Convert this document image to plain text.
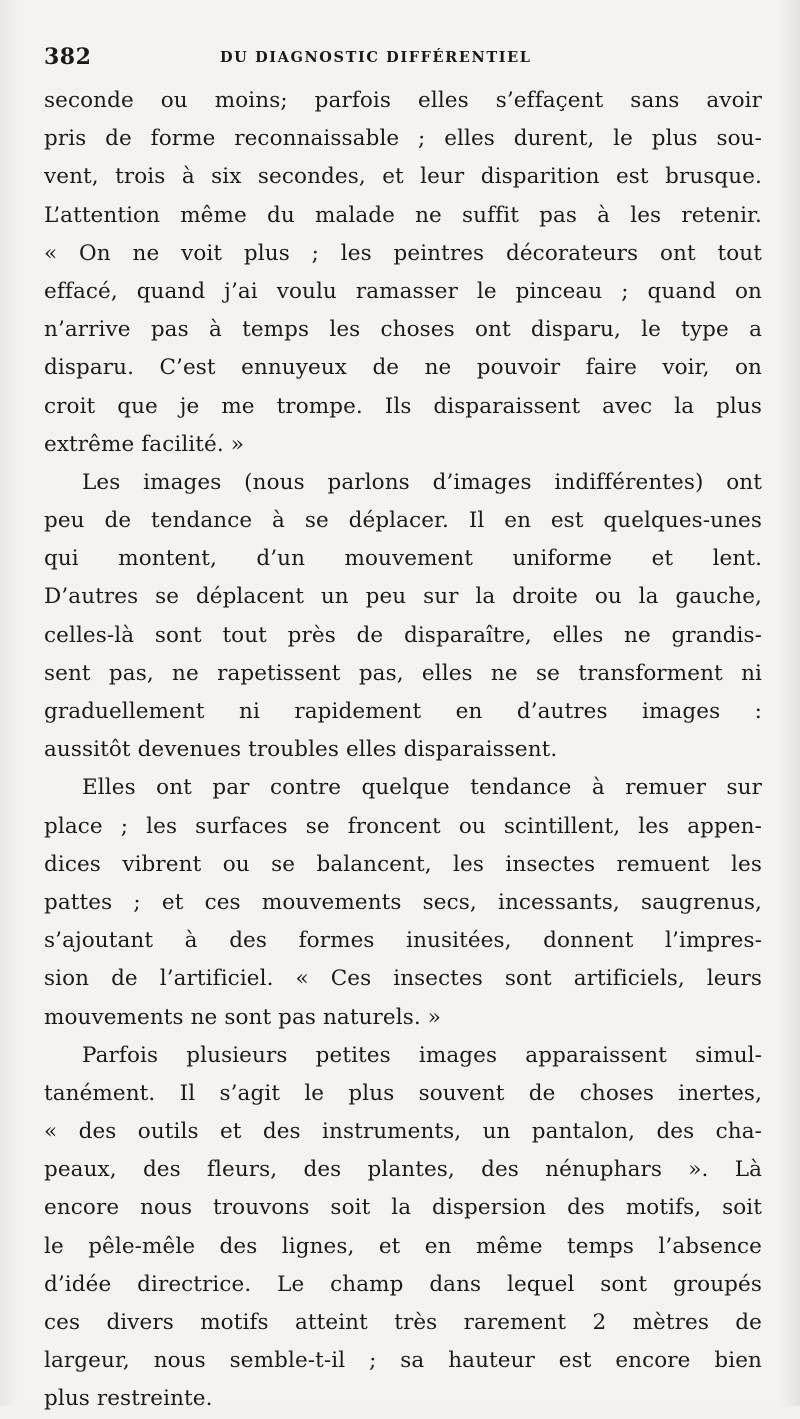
382	DU DIAGNOSTIC DIFFÉRENTIEL
seconde ou moins; parfois elles s’effaçent sans avoir
pris de forme reconnaissable ; elles durent, le plus sou-
vent, trois à six secondes, et leur disparition est brusque.
L’attention même du malade ne suffit pas à les retenir.
« On ne voit plus ; les peintres décorateurs ont tout
effacé, quand j’ai voulu ramasser le pinceau ; quand on
n’arrive pas à temps les choses ont disparu, le type a
disparu. C’est ennuyeux de ne pouvoir faire voir, on
croit que je me trompe. Ils disparaissent avec la plus
extrême facilité. »
Les images (nous parlons d’images indifférentes) ont
peu de tendance à se déplacer. Il en est quelques-unes
qui montent, d’un mouvement uniforme et lent.
D’autres se déplacent un peu sur la droite ou la gauche,
celles-là sont tout près de disparaître, elles ne grandis-
sent pas, ne rapetissent pas, elles ne se transforment ni
graduellement ni rapidement en d’autres images :
aussitôt devenues troubles elles disparaissent.
Elles ont par contre quelque tendance à remuer sur
place ; les surfaces se froncent ou scintillent, les appen-
dices vibrent ou se balancent, les insectes remuent les
pattes ; et ces mouvements secs, incessants, saugrenus,
s’ajoutant à des formes inusitées, donnent l’impres-
sion de l’artificiel. « Ces insectes sont artificiels, leurs
mouvements ne sont pas naturels. »
Parfois plusieurs petites images apparaissent simul-
tanément. Il s’agit le plus souvent de choses inertes,
« des outils et des instruments, un pantalon, des cha-
peaux, des fleurs, des plantes, des nénuphars ». Là
encore nous trouvons soit la dispersion des motifs, soit
le pêle-mêle des lignes, et en même temps l’absence
d’idée directrice. Le champ dans lequel sont groupés
ces divers motifs atteint très rarement 2 mètres de
largeur, nous semble-t-il ; sa hauteur est encore bien
plus restreinte.
